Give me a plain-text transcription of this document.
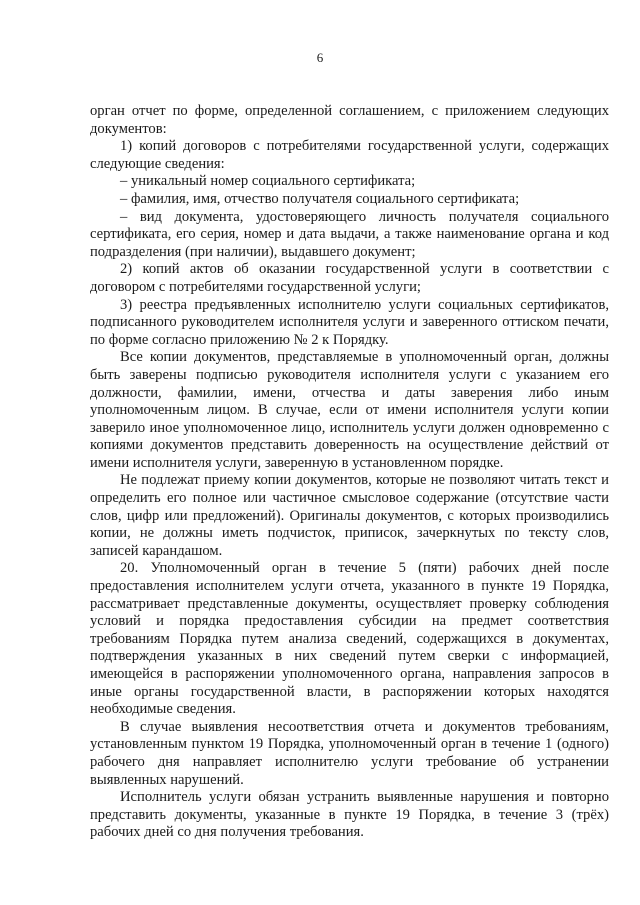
6

орган отчет по форме, определенной соглашением, с приложением следующих документов:

1) копий договоров с потребителями государственной услуги, содержащих следующие сведения:

– уникальный номер социального сертификата;

– фамилия, имя, отчество получателя социального сертификата;

– вид документа, удостоверяющего личность получателя социального сертификата, его серия, номер и дата выдачи, а также наименование органа и код подразделения (при наличии), выдавшего документ;

2) копий актов об оказании государственной услуги в соответствии с договором с потребителями государственной услуги;

3) реестра предъявленных исполнителю услуги социальных сертификатов, подписанного руководителем исполнителя услуги и заверенного оттиском печати, по форме согласно приложению № 2 к Порядку.

Все копии документов, представляемые в уполномоченный орган, должны быть заверены подписью руководителя исполнителя услуги с указанием его должности, фамилии, имени, отчества и даты заверения либо иным уполномоченным лицом. В случае, если от имени исполнителя услуги копии заверило иное уполномоченное лицо, исполнитель услуги должен одновременно с копиями документов представить доверенность на осуществление действий от имени исполнителя услуги, заверенную в установленном порядке.

Не подлежат приему копии документов, которые не позволяют читать текст и определить его полное или частичное смысловое содержание (отсутствие части слов, цифр или предложений). Оригиналы документов, с которых производились копии, не должны иметь подчисток, приписок, зачеркнутых по тексту слов, записей карандашом.

20. Уполномоченный орган в течение 5 (пяти) рабочих дней после предоставления исполнителем услуги отчета, указанного в пункте 19 Порядка, рассматривает представленные документы, осуществляет проверку соблюдения условий и порядка предоставления субсидии на предмет соответствия требованиям Порядка путем анализа сведений, содержащихся в документах, подтверждения указанных в них сведений путем сверки с информацией, имеющейся в распоряжении уполномоченного органа, направления запросов в иные органы государственной власти, в распоряжении которых находятся необходимые сведения.

В случае выявления несоответствия отчета и документов требованиям, установленным пунктом 19 Порядка, уполномоченный орган в течение 1 (одного) рабочего дня направляет исполнителю услуги требование об устранении выявленных нарушений.

Исполнитель услуги обязан устранить выявленные нарушения и повторно представить документы, указанные в пункте 19 Порядка, в течение 3 (трёх) рабочих дней со дня получения требования.
